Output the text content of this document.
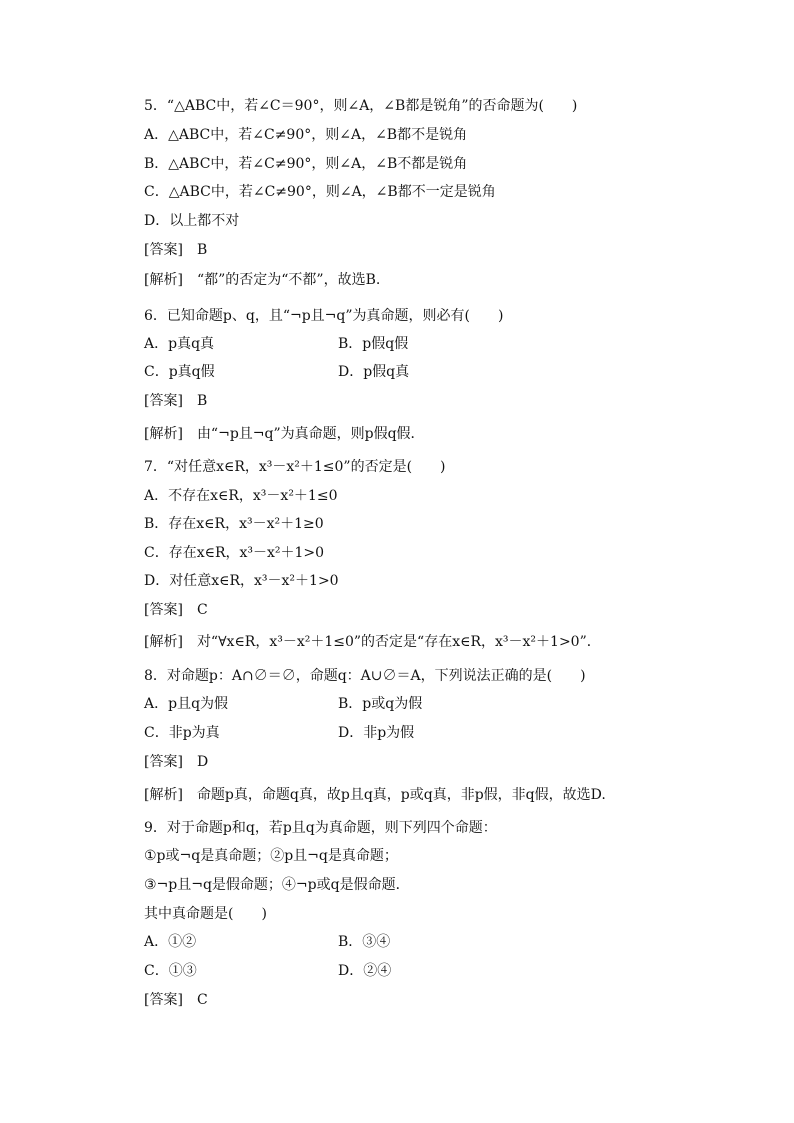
5．“△ABC中，若∠C＝90°，则∠A，∠B都是锐角”的否命题为(　　)
A．△ABC中，若∠C≠90°，则∠A，∠B都不是锐角
B．△ABC中，若∠C≠90°，则∠A，∠B不都是锐角
C．△ABC中，若∠C≠90°，则∠A，∠B都不一定是锐角
D．以上都不对
[答案] B
[解析] “都”的否定为“不都”，故选B.
6．已知命题p、q，且“¬p且¬q”为真命题，则必有(　　)
A．p真q真	B．p假q假
C．p真q假	D．p假q真
[答案] B
[解析] 由“¬p且¬q”为真命题，则p假q假．
7．“对任意x∈R，x³－x²＋1≤0”的否定是(　　)
A．不存在x∈R，x³－x²＋1≤0
B．存在x∈R，x³－x²＋1≥0
C．存在x∈R，x³－x²＋1>0
D．对任意x∈R，x³－x²＋1>0
[答案] C
[解析] 对“∀x∈R，x³－x²＋1≤0”的否定是“存在x∈R，x³－x²＋1>0”．
8．对命题p：A∩∅＝∅，命题q：A∪∅＝A，下列说法正确的是(　　)
A．p且q为假	B．p或q为假
C．非p为真	D．非p为假
[答案] D
[解析] 命题p真，命题q真，故p且q真，p或q真，非p假，非q假，故选D.
9．对于命题p和q，若p且q为真命题，则下列四个命题：
①p或¬q是真命题；②p且¬q是真命题；
③¬p且¬q是假命题；④¬p或q是假命题．
其中真命题是(　　)
A．①②	B．③④
C．①③	D．②④
[答案] C
